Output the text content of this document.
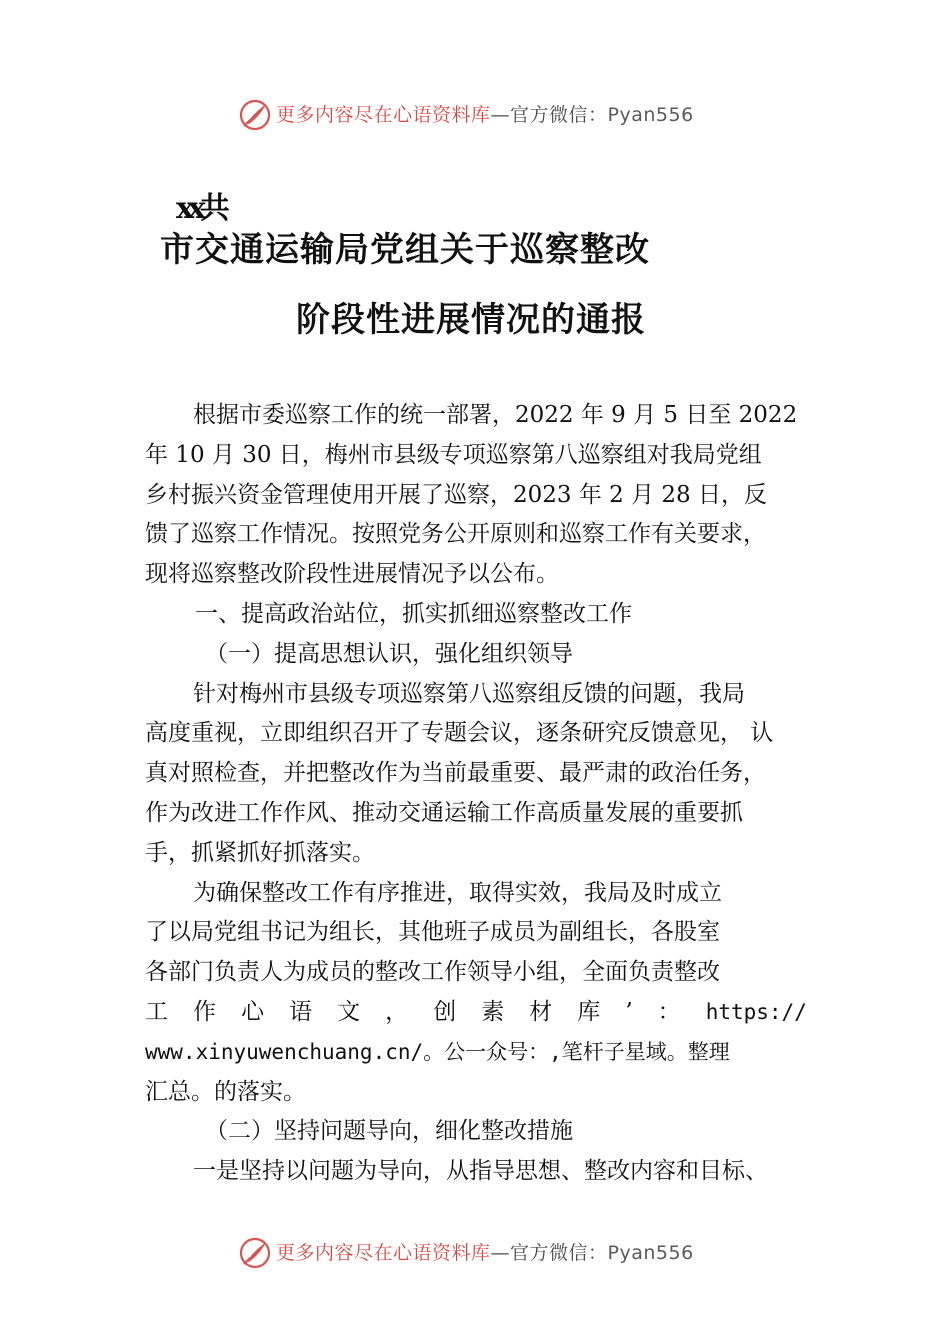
更多内容尽在心语资料库—官方微信：Pyan556
xx共
市交通运输局党组关于巡察整改
阶段性进展情况的通报
根据市委巡察工作的统一部署，2022 年 9 月 5 日至 2022
年 10 月 30 日，梅州市县级专项巡察第八巡察组对我局党组
乡村振兴资金管理使用开展了巡察，2023 年 2 月 28 日，反
馈了巡察工作情况。按照党务公开原则和巡察工作有关要求，
现将巡察整改阶段性进展情况予以公布。
一、提高政治站位，抓实抓细巡察整改工作
（一）提高思想认识，强化组织领导
针对梅州市县级专项巡察第八巡察组反馈的问题，我局
高度重视，立即组织召开了专题会议，逐条研究反馈意见， 认
真对照检查，并把整改作为当前最重要、最严肃的政治任务，
作为改进工作作风、推动交通运输工作高质量发展的重要抓
手，抓紧抓好抓落实。
为确保整改工作有序推进，取得实效，我局及时成立
了以局党组书记为组长，其他班子成员为副组长，各股室
各部门负责人为成员的整改工作领导小组，全面负责整改
工 作 心 语 文 ， 创 素 材 库 ’ ： https://
www.xinyuwenchuang.cn/。公一众号：,笔杆子星域。整理
汇总。的落实。
（二）坚持问题导向，细化整改措施
一是坚持以问题为导向，从指导思想、整改内容和目标、
更多内容尽在心语资料库—官方微信：Pyan556
